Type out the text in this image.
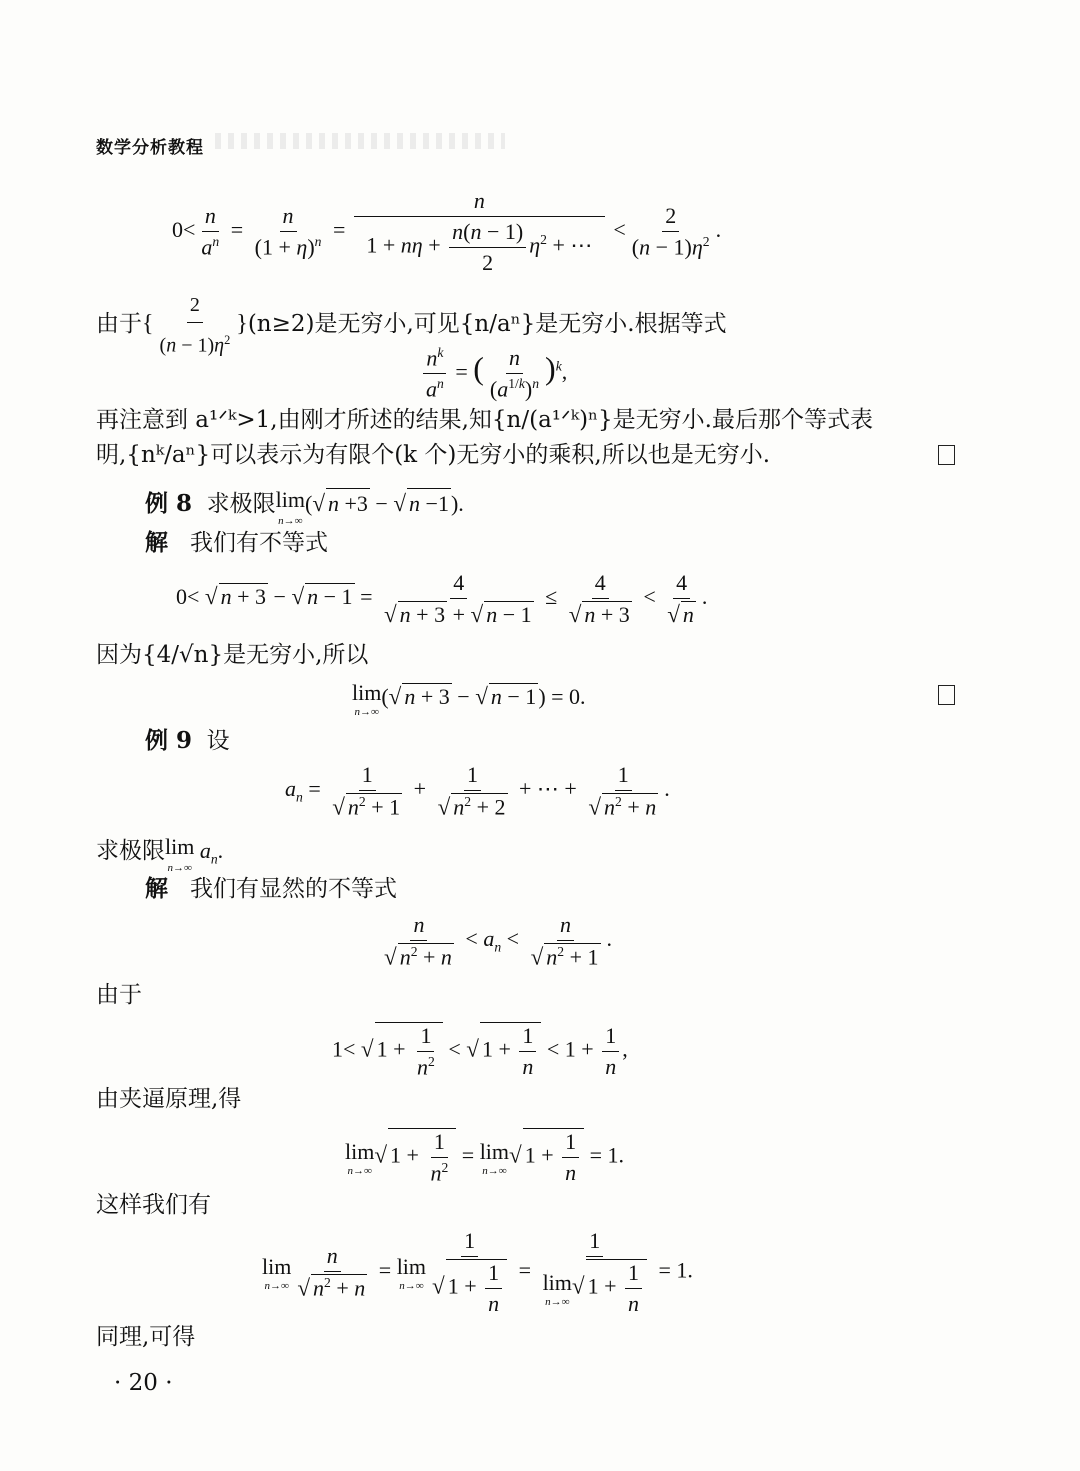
数学分析教程
$0< \frac{n}{a^n} = \frac{n}{(1 + \eta)^n} = \frac{n}{1 + n\eta + \frac{n(n - 1)}{2} \eta^2 + \cdots} < \frac{2}{(n - 1)\eta^2}$ .
由于{ $\frac{2}{(n - 1)\eta^2} \}(n\ge 2)$是无穷小,可见{n/aⁿ}是无穷小.根据等式
$\frac{n^k}{a^n}$ = ( $\frac{n}{(a^{1/k})^n} )^k$,
再注意到 a¹ᐟᵏ>1,由刚才所述的结果,知{n/(a¹ᐟᵏ)ⁿ}是无穷小.最后那个等式表
明,{nᵏ/aⁿ}可以表示为有限个(k 个)无穷小的乘积,所以也是无穷小.
例 8 求极限 lim
n→∞
(√ n +3 − √ n −1).
解 我们有不等式
0< √ n + 3 − √ $n - 1 = \frac{4}{√ n + 3 + √ n - 1} \le \frac{4}{√ n + 3} < \frac{4}{√ n}$ .
因为{4/√n}是无穷小,所以
lim
n→∞
(√ n + 3 − √ n − 1) = 0.
例 9 设
$a_n = \frac{1}{√ n^2 + 1} + \frac{1}{√ n^2 + 2}$ + ⋯ + $\frac{1}{√ n^2 + n}$ .
求极限 lim
n→∞
$a_n$.
解 我们有显然的不等式
$\frac{n}{√ n^2 + n} < a_n < \frac{n}{√ n^2 + 1}$ .
由于
1< √ $1 + \frac{1}{n^2}$ < √ $1 + \frac{1}{n} < 1 + \frac{1}{n}$ ,
由夹逼原理,得
lim
n→∞
√ $1 + \frac{1}{n^2} = \lim$
n→∞
√ $1 + \frac{1}{n} = 1$.
这样我们有
lim
$n\to\infty \frac{n}{√ n^2 + n} = \lim$
$n\to\infty \frac{1}{√ 1 + \frac{1}{n}} = 1$
lim
n→∞
√ $1 + \frac{1}{n} = 1$.
同理,可得
· 20 ·
